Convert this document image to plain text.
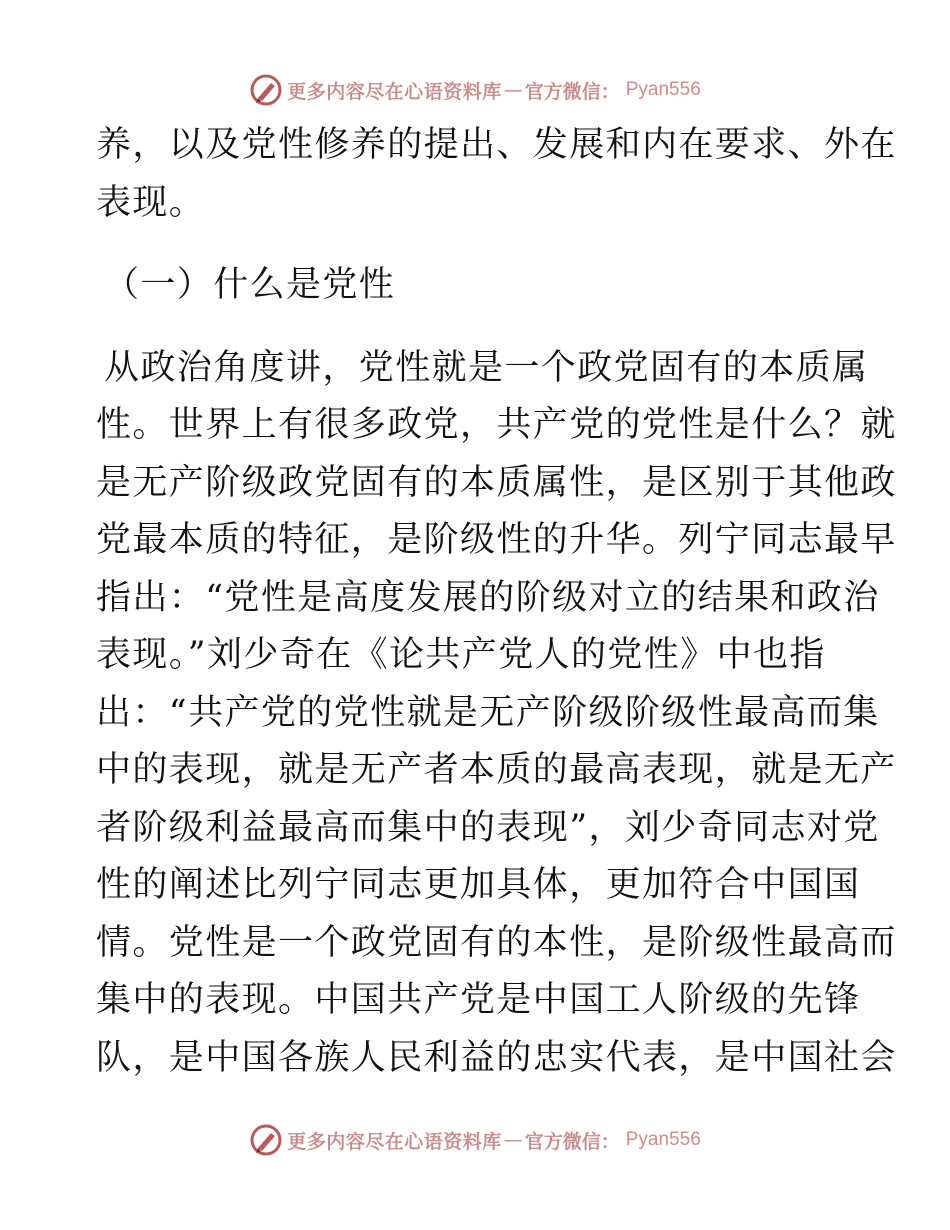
更多内容尽在心语资料库 — 官方微信： Pyan556
养，以及党性修养的提出、发展和内在要求、外在
表现。
（一）什么是党性
从政治角度讲，党性就是一个政党固有的本质属
性。世界上有很多政党，共产党的党性是什么？就
是无产阶级政党固有的本质属性，是区别于其他政
党最本质的特征，是阶级性的升华。列宁同志最早
指出：“党性是高度发展的阶级对立的结果和政治
表现。”刘少奇在《论共产党人的党性》中也指
出：“共产党的党性就是无产阶级阶级性最高而集
中的表现，就是无产者本质的最高表现，就是无产
者阶级利益最高而集中的表现”，刘少奇同志对党
性的阐述比列宁同志更加具体，更加符合中国国
情。党性是一个政党固有的本性，是阶级性最高而
集中的表现。中国共产党是中国工人阶级的先锋
队，是中国各族人民利益的忠实代表，是中国社会
更多内容尽在心语资料库 — 官方微信： Pyan556
